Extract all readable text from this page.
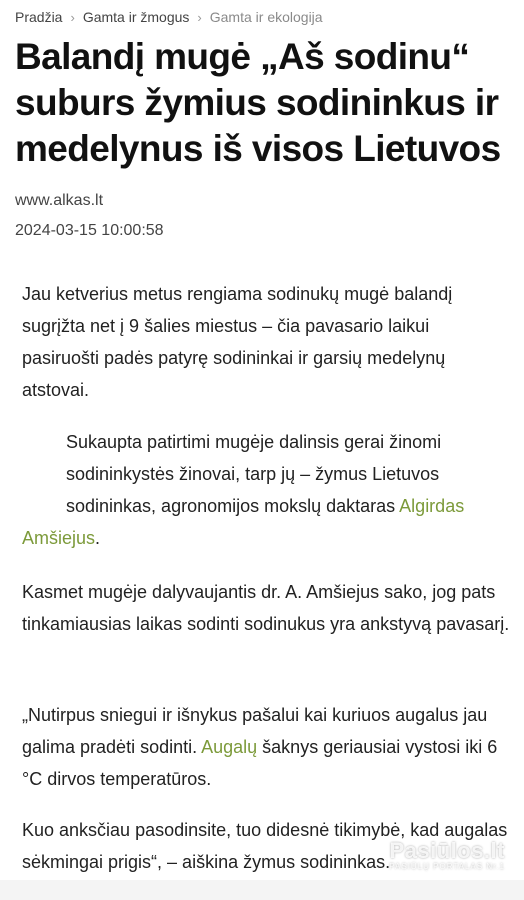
Pradžia › Gamta ir žmogus › Gamta ir ekologija
Balandį mugė „Aš sodinu“ suburs žymius sodininkus ir medelynus iš visos Lietuvos
www.alkas.lt
2024-03-15 10:00:58

Jau ketverius metus rengiama sodinukų mugė balandį sugrįžta net į 9 šalies miestus – čia pavasario laikui pasiruošti padės patyrę sodininkai ir garsių medelynų atstovai.

Sukaupta patirtimi mugėje dalinsis gerai žinomi
sodininkystės žinovai, tarp jų – žymus Lietuvos
sodininkas, agronomijos mokslų daktaras Algirdas Amšiejus.

Kasmet mugėje dalyvaujantis dr. A. Amšiejus sako, jog pats tinkamiausias laikas sodinti sodinukus yra ankstyvą pavasarį.

„Nutirpus sniegui ir išnykus pašalui kai kuriuos augalus jau galima pradėti sodinti. Augalų šaknys geriausiai vystosi iki 6 °C dirvos temperatūros.

Kuo anksčiau pasodinsite, tuo didesnė tikimybė, kad augalas sėkmingai prigis“, – aiškina žymus sodininkas. Pasiūlos.lt
PASIŪLŲ PORTALAS Nr.1
